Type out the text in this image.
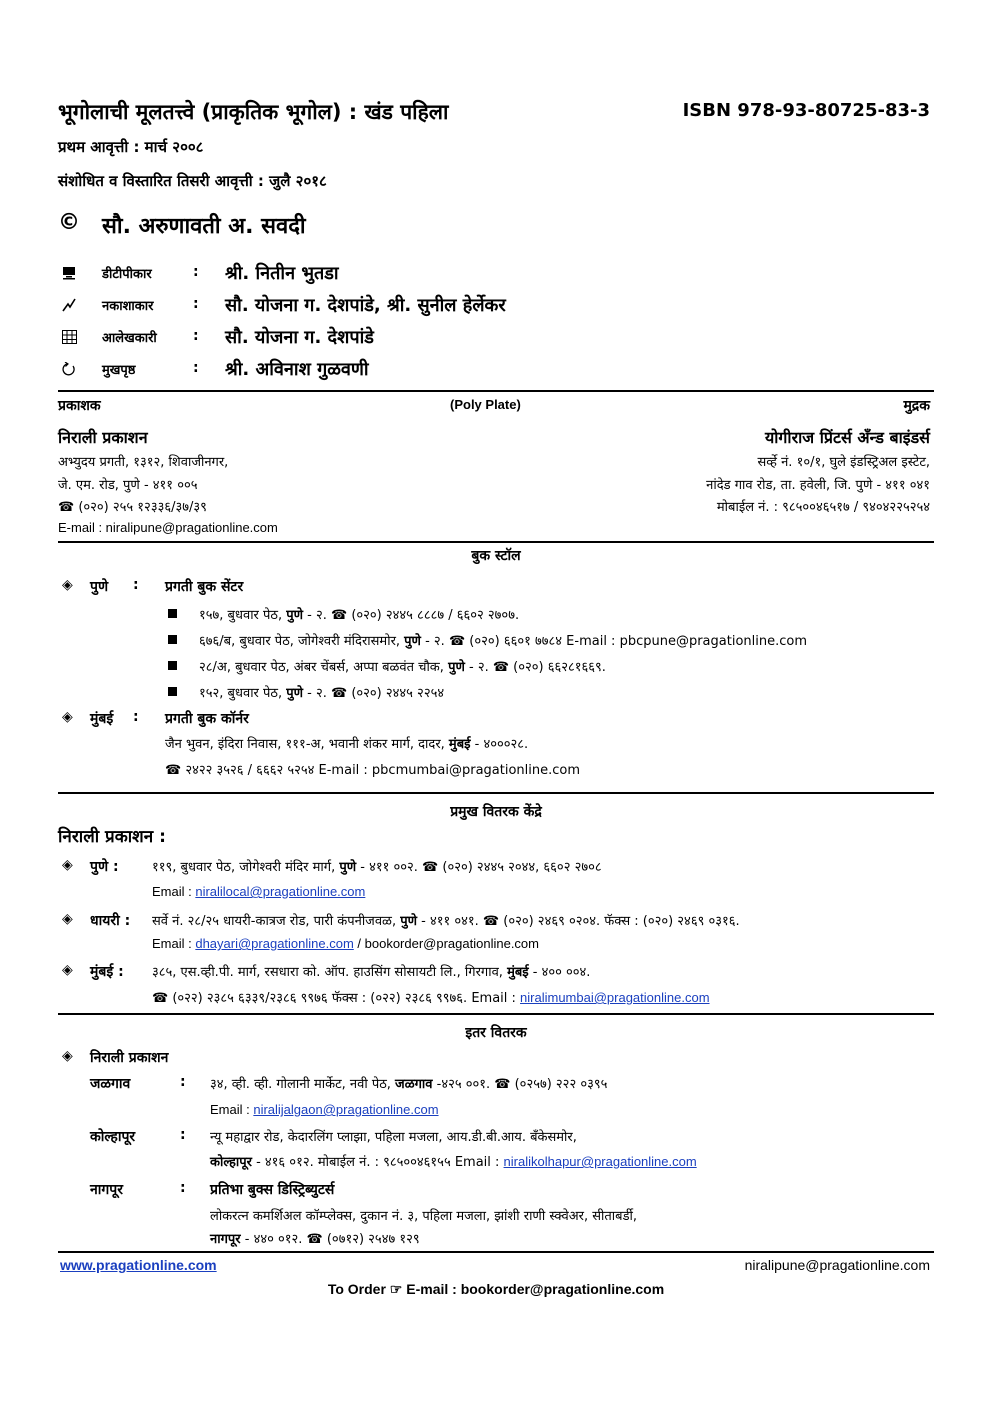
भूगोलाची मूलतत्त्वे (प्राकृतिक भूगोल) : खंड पहिला	ISBN 978-93-80725-83-3
प्रथम आवृत्ती : मार्च २००८
संशोधित व विस्तारित तिसरी आवृत्ती : जुलै २०१८
© सौ. अरुणावती अ. सवदी
डीटीपीकार	: श्री. नितीन भुतडा
नकाशाकार	: सौ. योजना ग. देशपांडे, श्री. सुनील हेर्लेकर
आलेखकारी	: सौ. योजना ग. देशपांडे
मुखपृष्ठ	: श्री. अविनाश गुळवणी
प्रकाशक	(Poly Plate)	मुद्रक
निराली प्रकाशन
अभ्युदय प्रगती, १३१२, शिवाजीनगर,
जे. एम. रोड, पुणे - ४११ ००५
☎ (०२०) २५५ १२३३६/३७/३९
E-mail : niralipune@pragationline.com
योगीराज प्रिंटर्स अँन्ड बाइंडर्स
सर्व्हे नं. १०/१, घुले इंडस्ट्रिअल इस्टेट,
नांदेड गाव रोड, ता. हवेली, जि. पुणे - ४११ ०४१
मोबाईल नं. : ९८५००४६५१७ / ९४०४२२५२५४
बुक स्टॉल
◈ पुणे : प्रगती बुक सेंटर
१५७, बुधवार पेठ, पुणे - २. ☎ (०२०) २४४५ ८८८७ / ६६०२ २७०७.
६७६/ब, बुधवार पेठ, जोगेश्वरी मंदिरासमोर, पुणे - २. ☎ (०२०) ६६०१ ७७८४ E-mail : pbcpune@pragationline.com
२८/अ, बुधवार पेठ, अंबर चेंबर्स, अप्पा बळवंत चौक, पुणे - २. ☎ (०२०) ६६२८१६६९.
१५२, बुधवार पेठ, पुणे - २. ☎ (०२०) २४४५ २२५४
◈ मुंबई : प्रगती बुक कॉर्नर
जैन भुवन, इंदिरा निवास, १११-अ, भवानी शंकर मार्ग, दादर, मुंबई - ४०००२८.
☎ २४२२ ३५२६ / ६६६२ ५२५४ E-mail : pbcmumbai@pragationline.com
प्रमुख वितरक केंद्रे
निराली प्रकाशन :
◈ पुणे :	११९, बुधवार पेठ, जोगेश्वरी मंदिर मार्ग, पुणे - ४११ ००२. ☎ (०२०) २४४५ २०४४, ६६०२ २७०८
Email : niralilocal@pragationline.com
◈ धायरी : सर्वे नं. २८/२५ धायरी-कात्रज रोड, पारी कंपनीजवळ, पुणे - ४११ ०४१. ☎ (०२०) २४६९ ०२०४. फॅक्स : (०२०) २४६९ ०३१६.
Email : dhayari@pragationline.com / bookorder@pragationline.com
◈ मुंबई : ३८५, एस.व्ही.पी. मार्ग, रसधारा को. ऑप. हाउसिंग सोसायटी लि., गिरगाव, मुंबई - ४०० ००४.
☎ (०२२) २३८५ ६३३९/२३८६ ९९७६ फॅक्स : (०२२) २३८६ ९९७६. Email : niralimumbai@pragationline.com
इतर वितरक
◈ निराली प्रकाशन
जळगाव	: ३४, व्ही. व्ही. गोलानी मार्केट, नवी पेठ, जळगाव -४२५ ००१. ☎ (०२५७) २२२ ०३९५
Email : niralijalgaon@pragationline.com
कोल्हापूर	: न्यू महाद्वार रोड, केदारलिंग प्लाझा, पहिला मजला, आय.डी.बी.आय. बँकेसमोर,
कोल्हापूर - ४१६ ०१२. मोबाईल नं. : ९८५००४६१५५ Email : niralikolhapur@pragationline.com
नागपूर	: प्रतिभा बुक्स डिस्ट्रिब्युटर्स
लोकरत्न कमर्शिअल कॉम्प्लेक्स, दुकान नं. ३, पहिला मजला, झांशी राणी स्क्वेअर, सीताबर्डी,
नागपूर - ४४० ०१२. ☎ (०७१२) २५४७ १२९
www.pragationline.com	niralipune@pragationline.com
To Order ☞ E-mail : bookorder@pragationline.com
